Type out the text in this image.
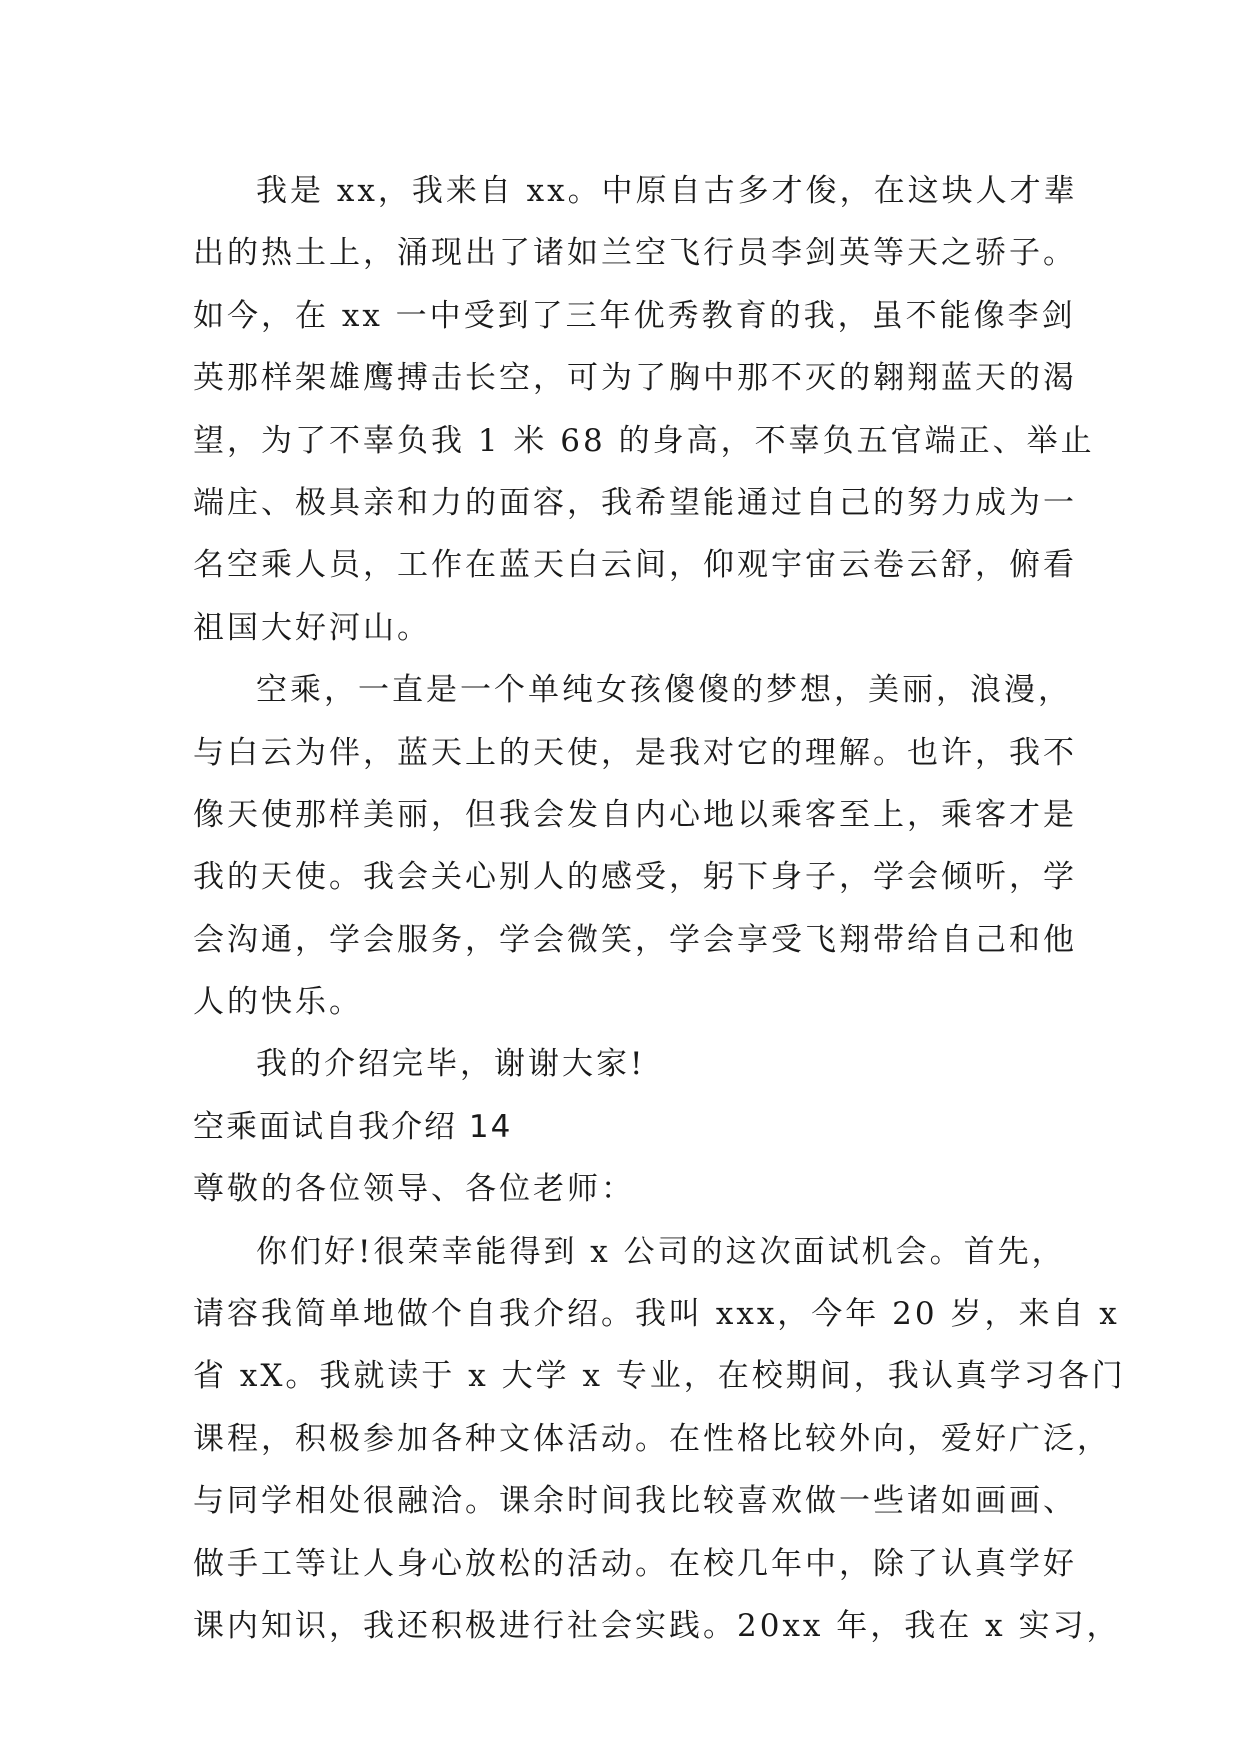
我是 xx，我来自 xx。中原自古多才俊，在这块人才辈
出的热土上，涌现出了诸如兰空飞行员李剑英等天之骄子。
如今，在 xx 一中受到了三年优秀教育的我，虽不能像李剑
英那样架雄鹰搏击长空，可为了胸中那不灭的翱翔蓝天的渴
望，为了不辜负我 1 米 68 的身高，不辜负五官端正、举止
端庄、极具亲和力的面容，我希望能通过自己的努力成为一
名空乘人员，工作在蓝天白云间，仰观宇宙云卷云舒，俯看
祖国大好河山。
空乘，一直是一个单纯女孩傻傻的梦想，美丽，浪漫，
与白云为伴，蓝天上的天使，是我对它的理解。也许，我不
像天使那样美丽，但我会发自内心地以乘客至上，乘客才是
我的天使。我会关心别人的感受，躬下身子，学会倾听，学
会沟通，学会服务，学会微笑，学会享受飞翔带给自己和他
人的快乐。
我的介绍完毕，谢谢大家!
空乘面试自我介绍 14
尊敬的各位领导、各位老师：
你们好!很荣幸能得到 x 公司的这次面试机会。首先，
请容我简单地做个自我介绍。我叫 xxx，今年 20 岁，来自 x
省 xX。我就读于 x 大学 x 专业，在校期间，我认真学习各门
课程，积极参加各种文体活动。在性格比较外向，爱好广泛，
与同学相处很融洽。课余时间我比较喜欢做一些诸如画画、
做手工等让人身心放松的活动。在校几年中，除了认真学好
课内知识，我还积极进行社会实践。20xx 年，我在 x 实习，
